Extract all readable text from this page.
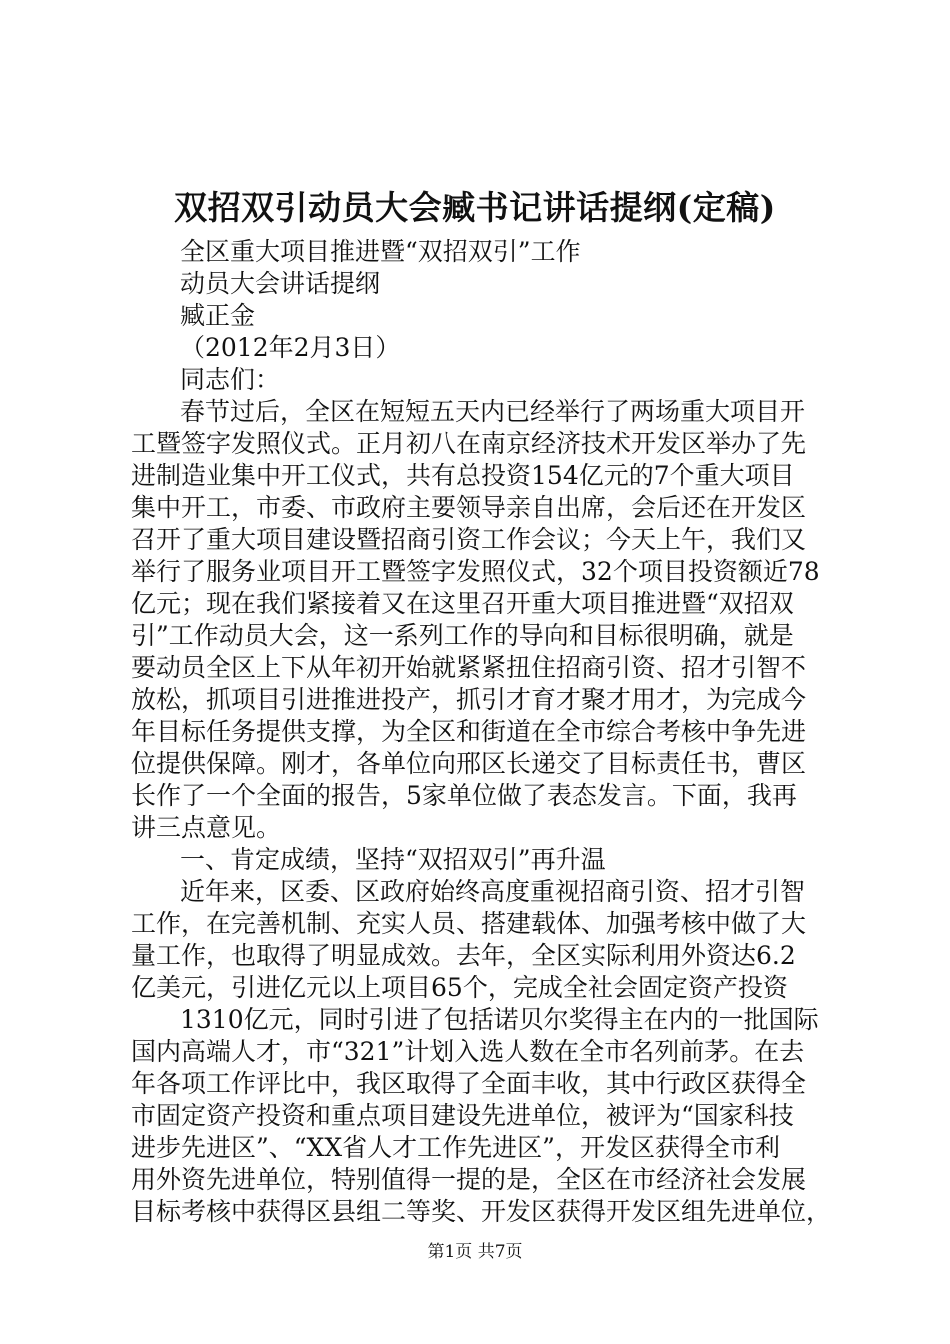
双招双引动员大会臧书记讲话提纲(定稿)
全区重大项目推进暨“双招双引”工作
动员大会讲话提纲
臧正金
（2012年2月3日）
同志们：
春节过后，全区在短短五天内已经举行了两场重大项目开
工暨签字发照仪式。正月初八在南京经济技术开发区举办了先
进制造业集中开工仪式，共有总投资154亿元的7个重大项目
集中开工，市委、市政府主要领导亲自出席，会后还在开发区
召开了重大项目建设暨招商引资工作会议；今天上午，我们又
举行了服务业项目开工暨签字发照仪式，32个项目投资额近78
亿元；现在我们紧接着又在这里召开重大项目推进暨“双招双
引”工作动员大会，这一系列工作的导向和目标很明确，就是
要动员全区上下从年初开始就紧紧扭住招商引资、招才引智不
放松，抓项目引进推进投产，抓引才育才聚才用才，为完成今
年目标任务提供支撑，为全区和街道在全市综合考核中争先进
位提供保障。刚才，各单位向邢区长递交了目标责任书，曹区
长作了一个全面的报告，5家单位做了表态发言。下面，我再
讲三点意见。
一、肯定成绩，坚持“双招双引”再升温
近年来，区委、区政府始终高度重视招商引资、招才引智
工作，在完善机制、充实人员、搭建载体、加强考核中做了大
量工作，也取得了明显成效。去年，全区实际利用外资达6.2
亿美元，引进亿元以上项目65个，完成全社会固定资产投资
1310亿元，同时引进了包括诺贝尔奖得主在内的一批国际
国内高端人才，市“321”计划入选人数在全市名列前茅。在去
年各项工作评比中，我区取得了全面丰收，其中行政区获得全
市固定资产投资和重点项目建设先进单位，被评为“国家科技
进步先进区”、“XX省人才工作先进区”，开发区获得全市利
用外资先进单位，特别值得一提的是，全区在市经济社会发展
目标考核中获得区县组二等奖、开发区获得开发区组先进单位，
第1页 共7页
